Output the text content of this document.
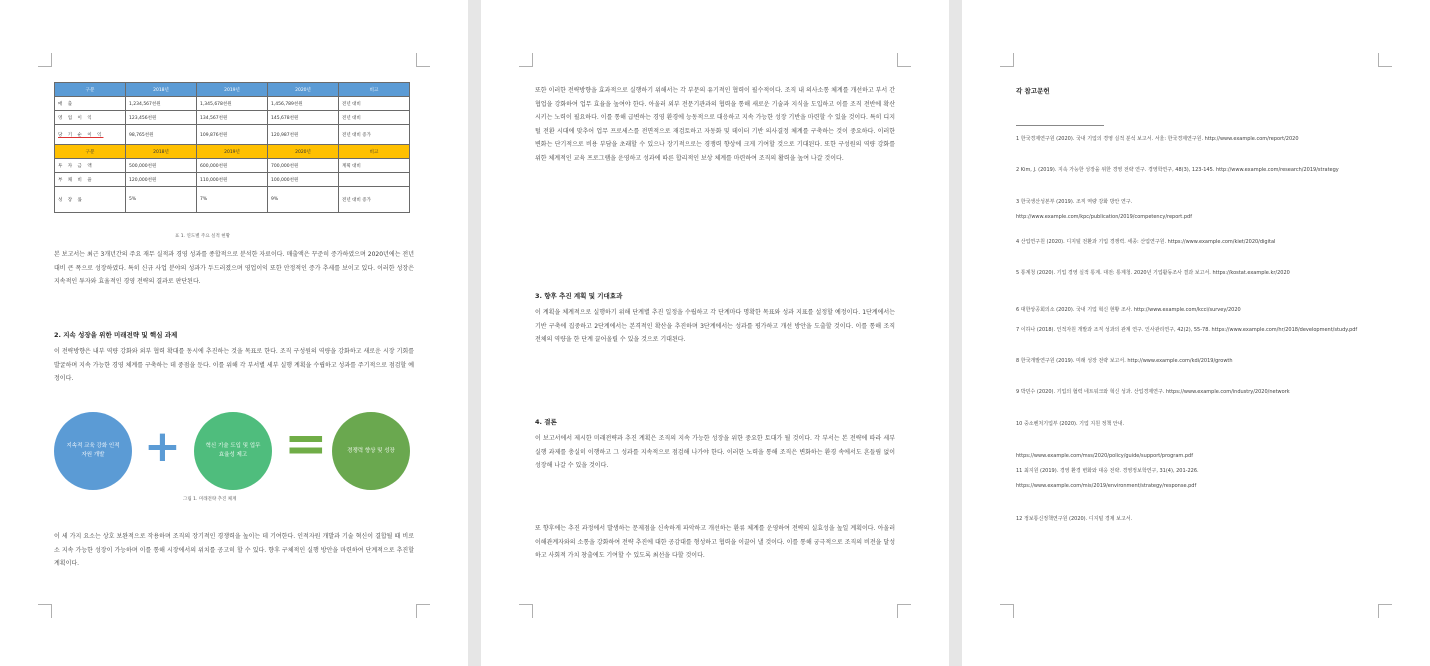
구분	2018년	2019년	2020년	비고
매 출	1,234,567천원	1,345,678천원	1,456,789천원	전년 대비
영 업 이 익	123,456천원	134,567천원	145,678천원	전년 대비
당 기 순 이 익	98,765천원	109,876천원	120,987천원	전년 대비 증가
구분	2018년	2019년	2020년	비고
투 자 금 액	500,000천원	600,000천원	700,000천원	계획 대비
부 채 비 율	120,000천원	110,000천원	100,000천원	
성 장 률	5%	7%	9%	전년 대비 증가
표 1. 연도별 주요 실적 현황
본 보고서는 최근 3개년간의 주요 재무 실적과 경영 성과를 종합적으로 분석한 자료이다. 매출액은 꾸준히 증가하였으며 2020년에는 전년 대비 큰 폭으로 성장하였다. 특히 신규 사업 분야의 성과가 두드러졌으며 영업이익 또한 안정적인 증가 추세를 보이고 있다. 이러한 성장은 지속적인 투자와 효율적인 경영 전략의 결과로 판단된다.
2. 지속 성장을 위한 미래전략 및 핵심 과제
이 전략방향은 내부 역량 강화와 외부 협력 확대를 동시에 추진하는 것을 목표로 한다. 조직 구성원의 역량을 강화하고 새로운 시장 기회를 발굴하며 지속 가능한 경영 체계를 구축하는 데 중점을 둔다. 이를 위해 각 부서별 세부 실행 계획을 수립하고 성과를 주기적으로 점검할 예정이다.
지속적 교육 강화 인적자원 개발 +	혁신 기술 도입 및 업무 효율성 제고 =	경쟁력 향상 및 성장
그림 1. 미래전략 추진 체계
이 세 가지 요소는 상호 보완적으로 작용하며 조직의 장기적인 경쟁력을 높이는 데 기여한다. 인적자원 개발과 기술 혁신이 결합될 때 비로소 지속 가능한 성장이 가능하며 이를 통해 시장에서의 위치를 공고히 할 수 있다. 향후 구체적인 실행 방안을 마련하여 단계적으로 추진할 계획이다.
또한 이러한 전략방향을 효과적으로 실행하기 위해서는 각 부문의 유기적인 협력이 필수적이다. 조직 내 의사소통 체계를 개선하고 부서 간 협업을 강화하여 업무 효율을 높여야 한다. 아울러 외부 전문기관과의 협력을 통해 새로운 기술과 지식을 도입하고 이를 조직 전반에 확산시키는 노력이 필요하다. 이를 통해 급변하는 경영 환경에 능동적으로 대응하고 지속 가능한 성장 기반을 마련할 수 있을 것이다. 특히 디지털 전환 시대에 맞추어 업무 프로세스를 전면적으로 재검토하고 자동화 및 데이터 기반 의사결정 체계를 구축하는 것이 중요하다. 이러한 변화는 단기적으로 비용 부담을 초래할 수 있으나 장기적으로는 경쟁력 향상에 크게 기여할 것으로 기대된다. 또한 구성원의 역량 강화를 위한 체계적인 교육 프로그램을 운영하고 성과에 따른 합리적인 보상 체계를 마련하여 조직의 활력을 높여 나갈 것이다.
3. 향후 추진 계획 및 기대효과
이 계획을 체계적으로 실행하기 위해 단계별 추진 일정을 수립하고 각 단계마다 명확한 목표와 성과 지표를 설정할 예정이다. 1단계에서는 기반 구축에 집중하고 2단계에서는 본격적인 확산을 추진하며 3단계에서는 성과를 평가하고 개선 방안을 도출할 것이다. 이를 통해 조직 전체의 역량을 한 단계 끌어올릴 수 있을 것으로 기대된다.
4. 결론
이 보고서에서 제시한 미래전략과 추진 계획은 조직의 지속 가능한 성장을 위한 중요한 토대가 될 것이다. 각 부서는 본 전략에 따라 세부 실행 과제를 충실히 이행하고 그 성과를 지속적으로 점검해 나가야 한다. 이러한 노력을 통해 조직은 변화하는 환경 속에서도 흔들림 없이 성장해 나갈 수 있을 것이다.
또 향후에는 추진 과정에서 발생하는 문제점을 신속하게 파악하고 개선하는 환류 체계를 운영하여 전략의 실효성을 높일 계획이다. 아울러 이해관계자와의 소통을 강화하여 전략 추진에 대한 공감대를 형성하고 협력을 이끌어 낼 것이다. 이를 통해 궁극적으로 조직의 비전을 달성하고 사회적 가치 창출에도 기여할 수 있도록 최선을 다할 것이다.
각 참고문헌
1 한국경제연구원 (2020). 국내 기업의 경영 실적 분석 보고서. 서울: 한국경제연구원. http://www.example.com/report/2020
2 Kim, J. (2019). 지속 가능한 성장을 위한 경영 전략 연구. 경영학연구, 48(3), 123-145. http://www.example.com/research/2019/strategy
3 한국생산성본부 (2019). 조직 역량 강화 방안 연구.
http://www.example.com/kpc/publication/2019/competency/report.pdf
4 산업연구원 (2020). 디지털 전환과 기업 경쟁력. 세종: 산업연구원. https://www.example.com/kiet/2020/digital
5 통계청 (2020). 기업 경영 실적 통계. 대전: 통계청. 2020년 기업활동조사 결과 보고서. https://kostat.example.kr/2020
6 대한상공회의소 (2020). 국내 기업 혁신 현황 조사. http://www.example.com/kcci/survey/2020
7 이하나 (2018). 인적자원 개발과 조직 성과의 관계 연구. 인사관리연구, 42(2), 55-78. https://www.example.com/hr/2018/development/study.pdf
8 한국개발연구원 (2019). 미래 성장 전략 보고서. http://www.example.com/kdi/2019/growth
9 박민수 (2020). 기업의 협력 네트워크와 혁신 성과. 산업경제연구. https://www.example.com/industry/2020/network
10 중소벤처기업부 (2020). 기업 지원 정책 안내.
https://www.example.com/mss/2020/policy/guide/support/program.pdf
11 최지원 (2019). 경영 환경 변화와 대응 전략. 경영정보학연구, 31(4), 201-226.
https://www.example.com/mis/2019/environment/strategy/response.pdf
12 정보통신정책연구원 (2020). 디지털 경제 보고서.
